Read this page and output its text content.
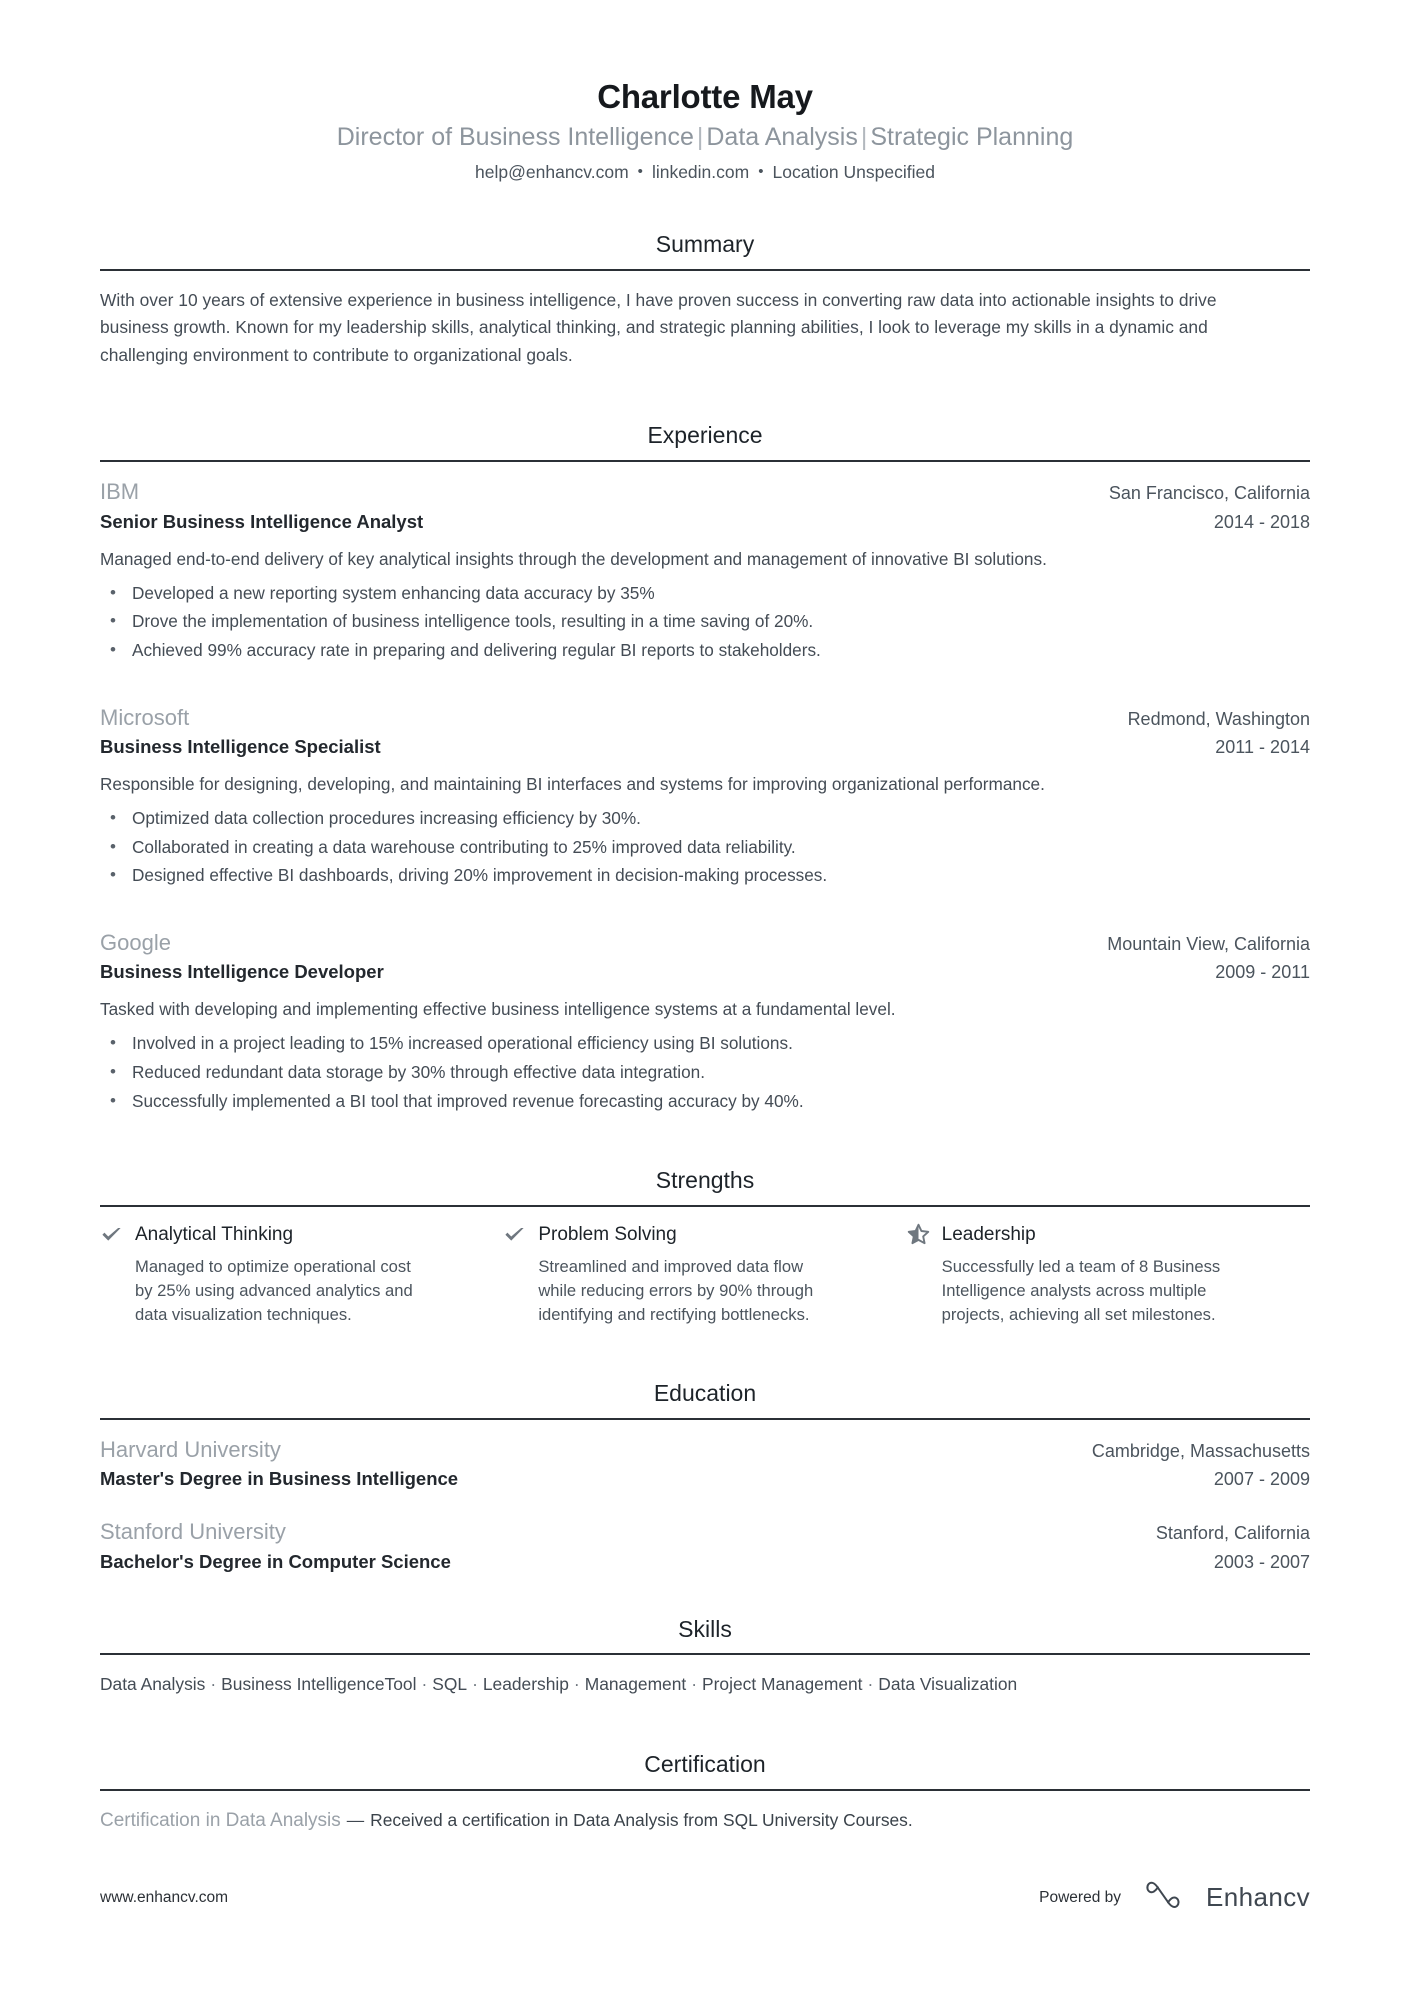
Charlotte May
Director of Business Intelligence | Data Analysis | Strategic Planning
help@enhancv.com • linkedin.com • Location Unspecified
Summary

With over 10 years of extensive experience in business intelligence, I have proven success in converting raw data into actionable insights to drive business growth. Known for my leadership skills, analytical thinking, and strategic planning abilities, I look to leverage my skills in a dynamic and challenging environment to contribute to organizational goals.

Experience
IBM	San Francisco, California
Senior Business Intelligence Analyst	2014 - 2018
Managed end-to-end delivery of key analytical insights through the development and management of innovative BI solutions.
• Developed a new reporting system enhancing data accuracy by 35%
• Drove the implementation of business intelligence tools, resulting in a time saving of 20%.
• Achieved 99% accuracy rate in preparing and delivering regular BI reports to stakeholders.
Microsoft	Redmond, Washington
Business Intelligence Specialist	2011 - 2014
Responsible for designing, developing, and maintaining BI interfaces and systems for improving organizational performance.
• Optimized data collection procedures increasing efficiency by 30%.
• Collaborated in creating a data warehouse contributing to 25% improved data reliability.
• Designed effective BI dashboards, driving 20% improvement in decision-making processes.
Google	Mountain View, California
Business Intelligence Developer	2009 - 2011
Tasked with developing and implementing effective business intelligence systems at a fundamental level.
• Involved in a project leading to 15% increased operational efficiency using BI solutions.
• Reduced redundant data storage by 30% through effective data integration.
• Successfully implemented a BI tool that improved revenue forecasting accuracy by 40%.
Strengths
Analytical Thinking
Managed to optimize operational cost by 25% using advanced analytics and data visualization techniques.
Problem Solving
Streamlined and improved data flow while reducing errors by 90% through identifying and rectifying bottlenecks.
Leadership
Successfully led a team of 8 Business Intelligence analysts across multiple projects, achieving all set milestones.
Education
Harvard University	Cambridge, Massachusetts
Master's Degree in Business Intelligence	2007 - 2009
Stanford University	Stanford, California
Bachelor's Degree in Computer Science	2003 - 2007
Skills
Data Analysis · Business IntelligenceTool · SQL · Leadership · Management · Project Management · Data Visualization
Certification
Certification in Data Analysis — Received a certification in Data Analysis from SQL University Courses.
www.enhancv.com	Powered by	Enhancv
